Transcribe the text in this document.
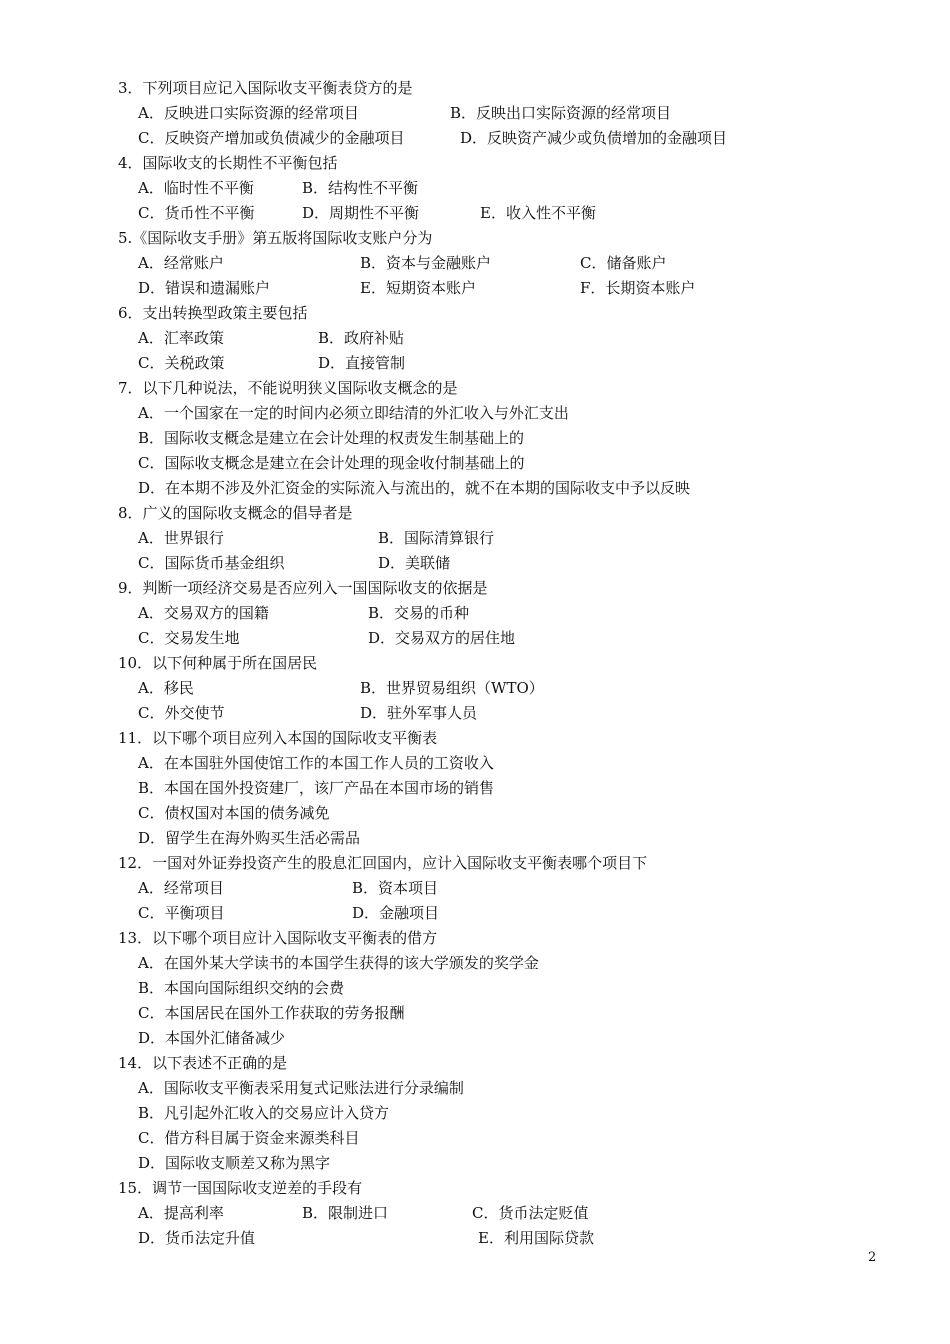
3．下列项目应记入国际收支平衡表贷方的是
A．反映进口实际资源的经常项目	B．反映出口实际资源的经常项目
C．反映资产增加或负债减少的金融项目	D．反映资产减少或负债增加的金融项目
4．国际收支的长期性不平衡包括
A．临时性不平衡	B．结构性不平衡
C．货币性不平衡	D．周期性不平衡	E．收入性不平衡
5.《国际收支手册》第五版将国际收支账户分为
A．经常账户	B．资本与金融账户	C．储备账户
D．错误和遗漏账户	E．短期资本账户	F．长期资本账户
6．支出转换型政策主要包括
A．汇率政策	B．政府补贴
C．关税政策	D．直接管制
7．以下几种说法，不能说明狭义国际收支概念的是
A．一个国家在一定的时间内必须立即结清的外汇收入与外汇支出
B．国际收支概念是建立在会计处理的权责发生制基础上的
C．国际收支概念是建立在会计处理的现金收付制基础上的
D．在本期不涉及外汇资金的实际流入与流出的，就不在本期的国际收支中予以反映
8．广义的国际收支概念的倡导者是
A．世界银行	B．国际清算银行
C．国际货币基金组织	D．美联储
9．判断一项经济交易是否应列入一国国际收支的依据是
A．交易双方的国籍	B．交易的币种
C．交易发生地	D．交易双方的居住地
10．以下何种属于所在国居民
A．移民	B．世界贸易组织（WTO）
C．外交使节	D．驻外军事人员
11．以下哪个项目应列入本国的国际收支平衡表
A．在本国驻外国使馆工作的本国工作人员的工资收入
B．本国在国外投资建厂，该厂产品在本国市场的销售
C．债权国对本国的债务减免
D．留学生在海外购买生活必需品
12．一国对外证券投资产生的股息汇回国内，应计入国际收支平衡表哪个项目下
A．经常项目	B．资本项目
C．平衡项目	D．金融项目
13．以下哪个项目应计入国际收支平衡表的借方
A．在国外某大学读书的本国学生获得的该大学颁发的奖学金
B．本国向国际组织交纳的会费
C．本国居民在国外工作获取的劳务报酬
D．本国外汇储备减少
14．以下表述不正确的是
A．国际收支平衡表采用复式记账法进行分录编制
B．凡引起外汇收入的交易应计入贷方
C．借方科目属于资金来源类科目
D．国际收支顺差又称为黑字
15．调节一国国际收支逆差的手段有
A．提高利率	B．限制进口	C．货币法定贬值
D．货币法定升值	E．利用国际贷款
2
